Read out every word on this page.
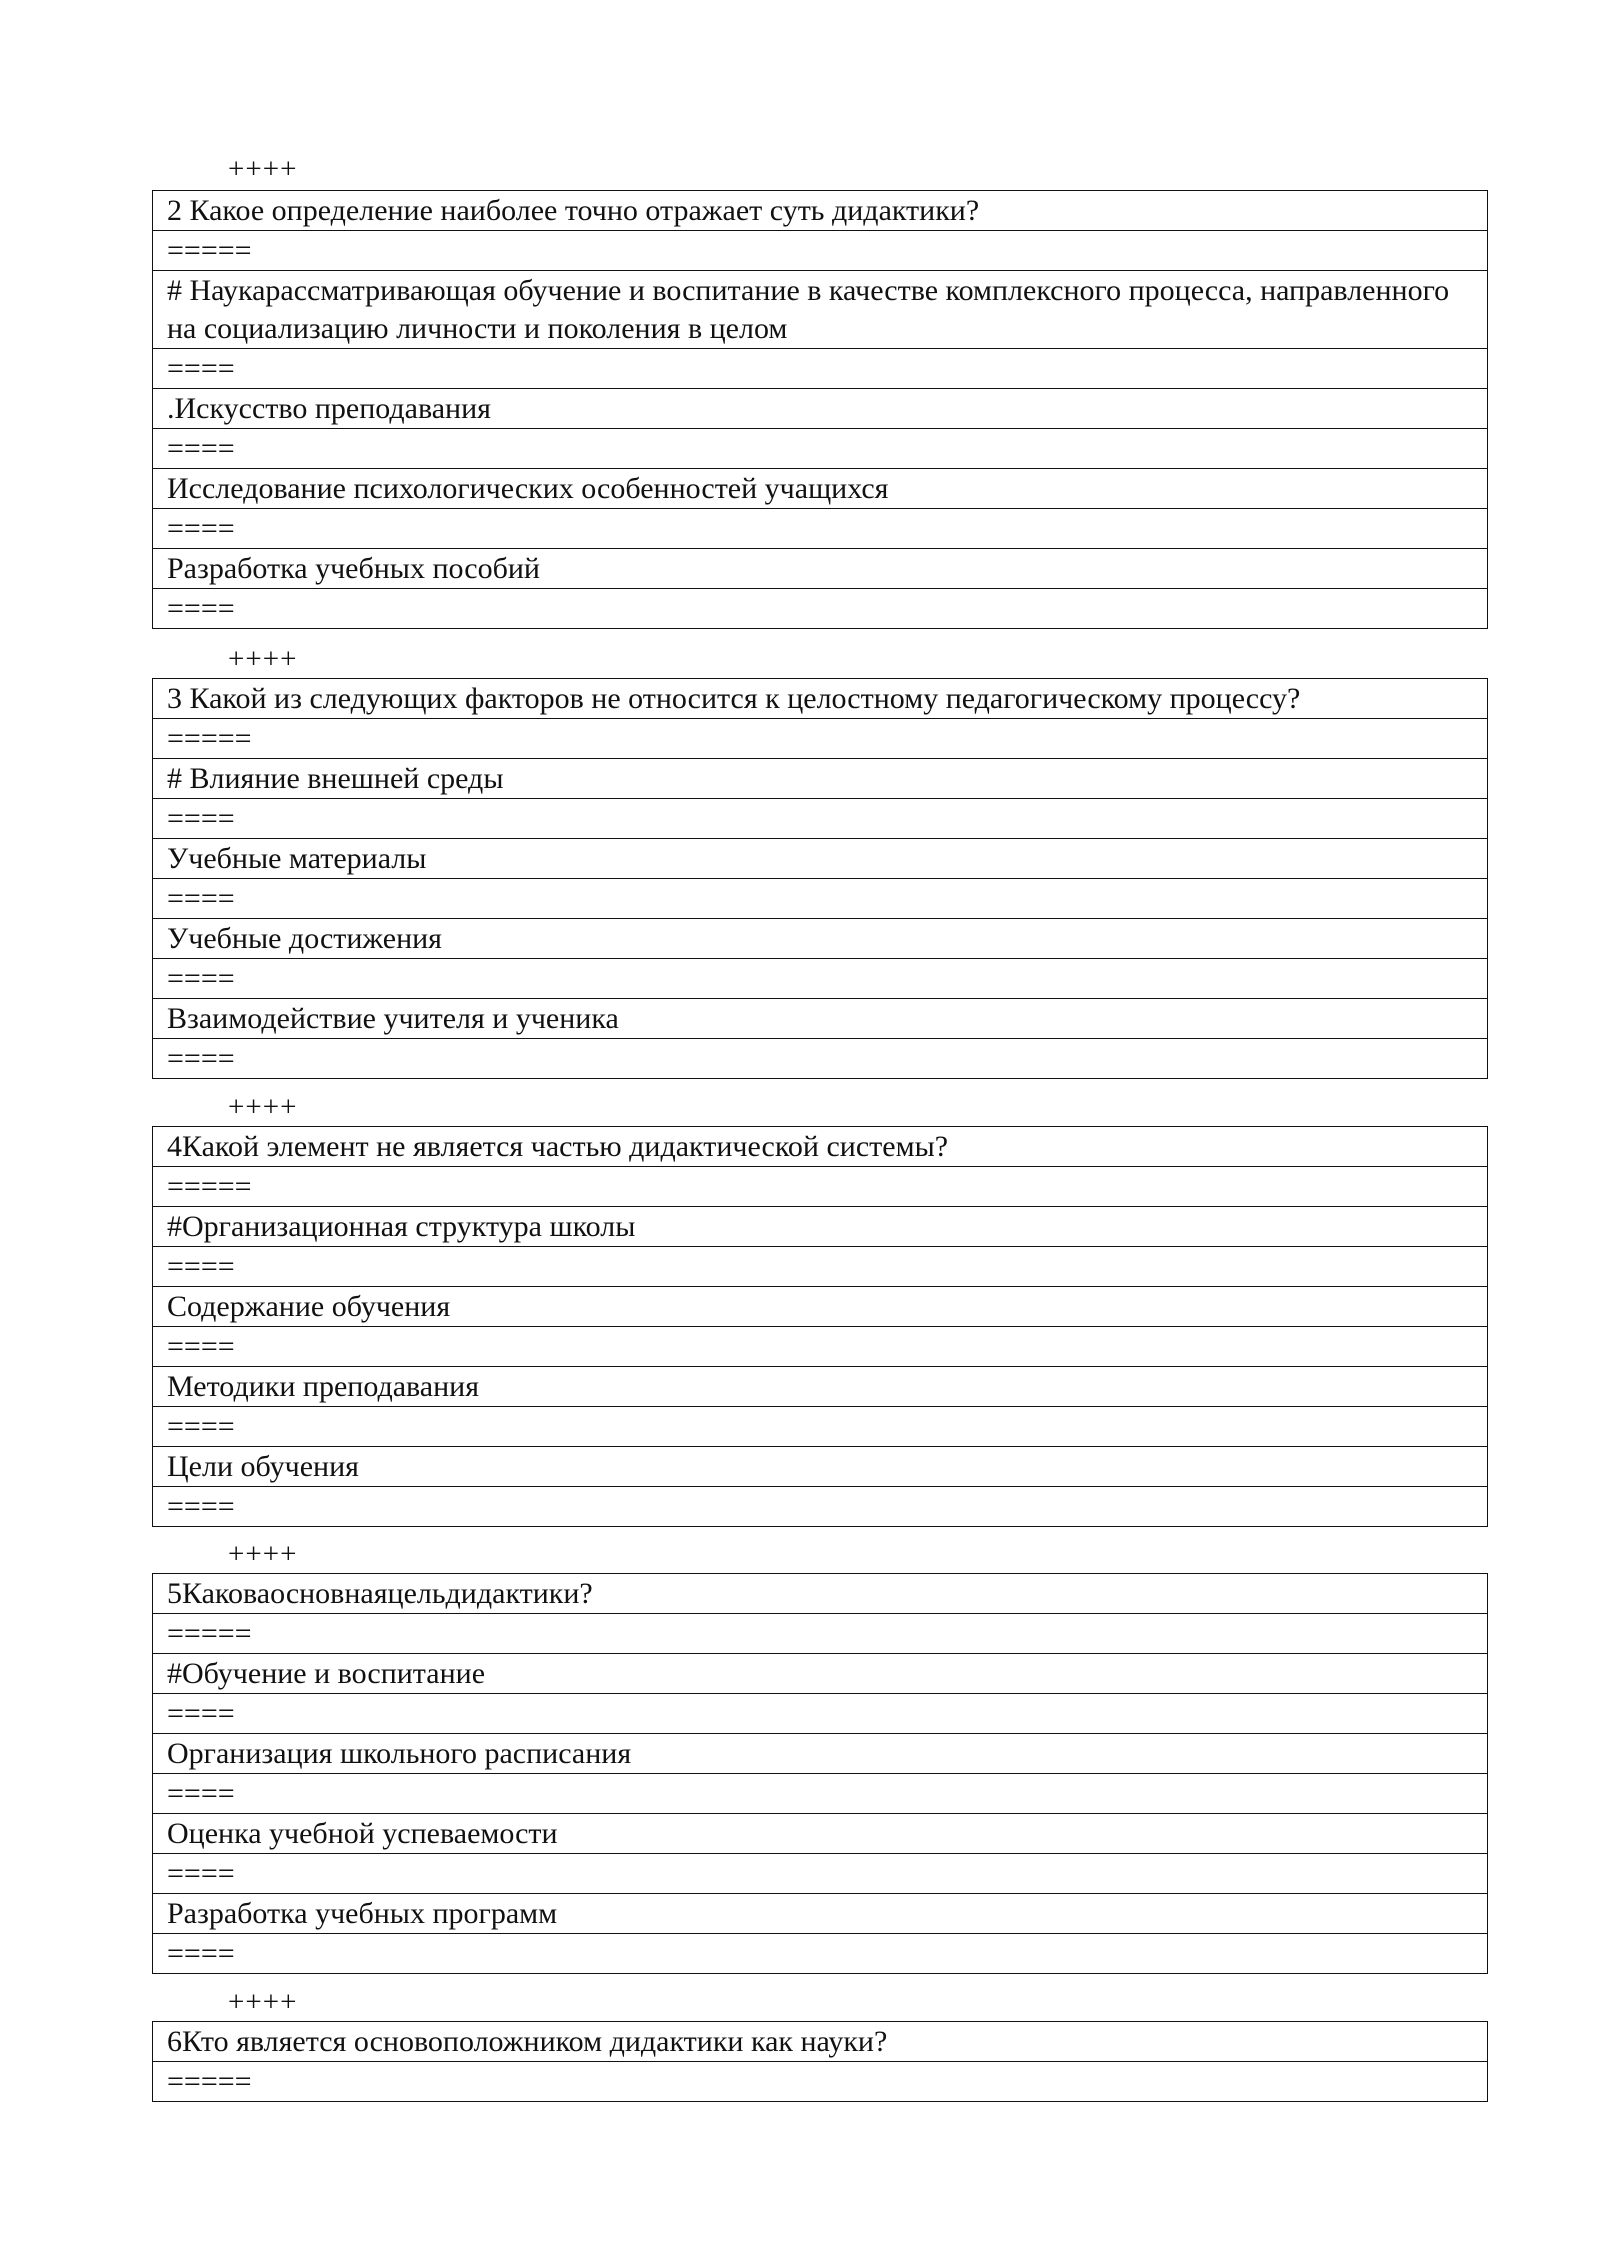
++++
2 Какое определение наиболее точно отражает суть дидактики?
=====
# Наукарассматривающая обучение и воспитание в качестве комплексного процесса, направленного на социализацию личности и поколения в целом
====
.Искусство преподавания
====
Исследование психологических особенностей учащихся
====
Разработка учебных пособий
====
++++
3 Какой из следующих факторов не относится к целостному педагогическому процессу?
=====
# Влияние внешней среды
====
Учебные материалы
====
Учебные достижения
====
Взаимодействие учителя и ученика
====
++++
4Какой элемент не является частью дидактической системы?
=====
#Организационная структура школы
====
Содержание обучения
====
Методики преподавания
====
Цели обучения
====
++++
5Каковаосновнаяцельдидактики?
=====
#Обучение и воспитание
====
Организация школьного расписания
====
Оценка учебной успеваемости
====
Разработка учебных программ
====
++++
6Кто является основоположником дидактики как науки?
=====
